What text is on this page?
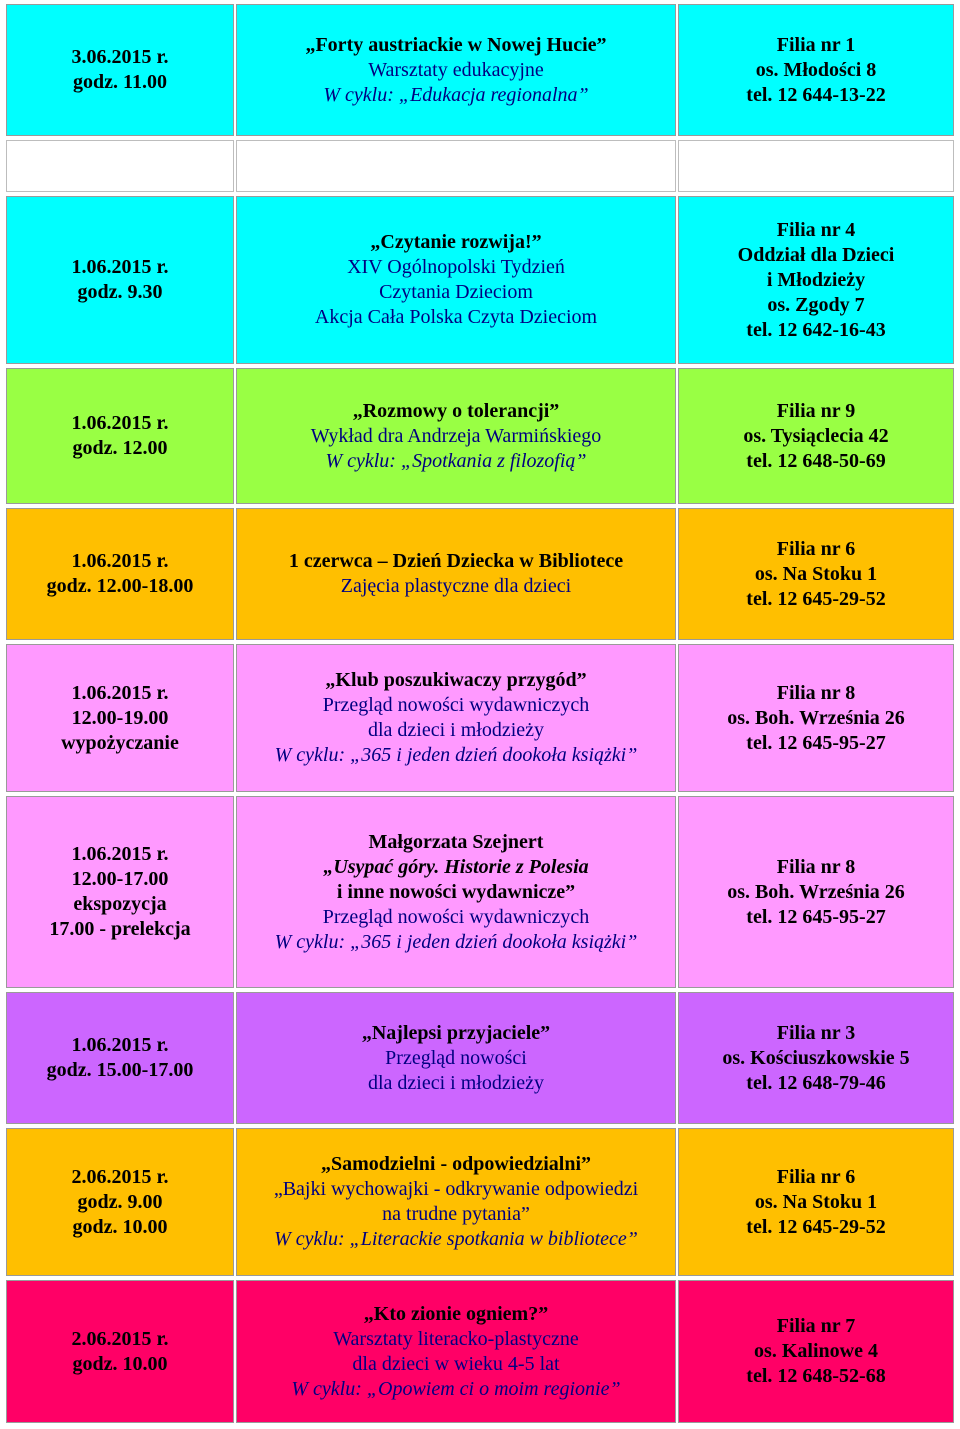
3.06.2015 r.
godz. 11.00
„Forty austriackie w Nowej Hucie”
Warsztaty edukacyjne
W cyklu: „Edukacja regionalna”
Filia nr 1
os. Młodości 8
tel. 12 644-13-22
1.06.2015 r.
godz. 9.30
„Czytanie rozwija!”
XIV Ogólnopolski Tydzień
Czytania Dzieciom
Akcja Cała Polska Czyta Dzieciom
Filia nr 4
Oddział dla Dzieci
i Młodzieży
os. Zgody 7
tel. 12 642-16-43
1.06.2015 r.
godz. 12.00
„Rozmowy o tolerancji”
Wykład dra Andrzeja Warmińskiego
W cyklu: „Spotkania z filozofią”
Filia nr 9
os. Tysiąclecia 42
tel. 12 648-50-69
1.06.2015 r.
godz. 12.00-18.00
1 czerwca – Dzień Dziecka w Bibliotece
Zajęcia plastyczne dla dzieci
Filia nr 6
os. Na Stoku 1
tel. 12 645-29-52
1.06.2015 r.
12.00-19.00
wypożyczanie
„Klub poszukiwaczy przygód”
Przegląd nowości wydawniczych
dla dzieci i młodzieży
W cyklu: „365 i jeden dzień dookoła książki”
Filia nr 8
os. Boh. Września 26
tel. 12 645-95-27
1.06.2015 r.
12.00-17.00
ekspozycja
17.00 - prelekcja
Małgorzata Szejnert
„Usypać góry. Historie z Polesia
i inne nowości wydawnicze”
Przegląd nowości wydawniczych
W cyklu: „365 i jeden dzień dookoła książki”
Filia nr 8
os. Boh. Września 26
tel. 12 645-95-27
1.06.2015 r.
godz. 15.00-17.00
„Najlepsi przyjaciele”
Przegląd nowości
dla dzieci i młodzieży
Filia nr 3
os. Kościuszkowskie 5
tel. 12 648-79-46
2.06.2015 r.
godz. 9.00
godz. 10.00
„Samodzielni - odpowiedzialni”
„Bajki wychowajki - odkrywanie odpowiedzi
na trudne pytania”
W cyklu: „Literackie spotkania w bibliotece”
Filia nr 6
os. Na Stoku 1
tel. 12 645-29-52
2.06.2015 r.
godz. 10.00
„Kto zionie ogniem?”
Warsztaty literacko-plastyczne
dla dzieci w wieku 4-5 lat
W cyklu: „Opowiem ci o moim regionie”
Filia nr 7
os. Kalinowe 4
tel. 12 648-52-68
